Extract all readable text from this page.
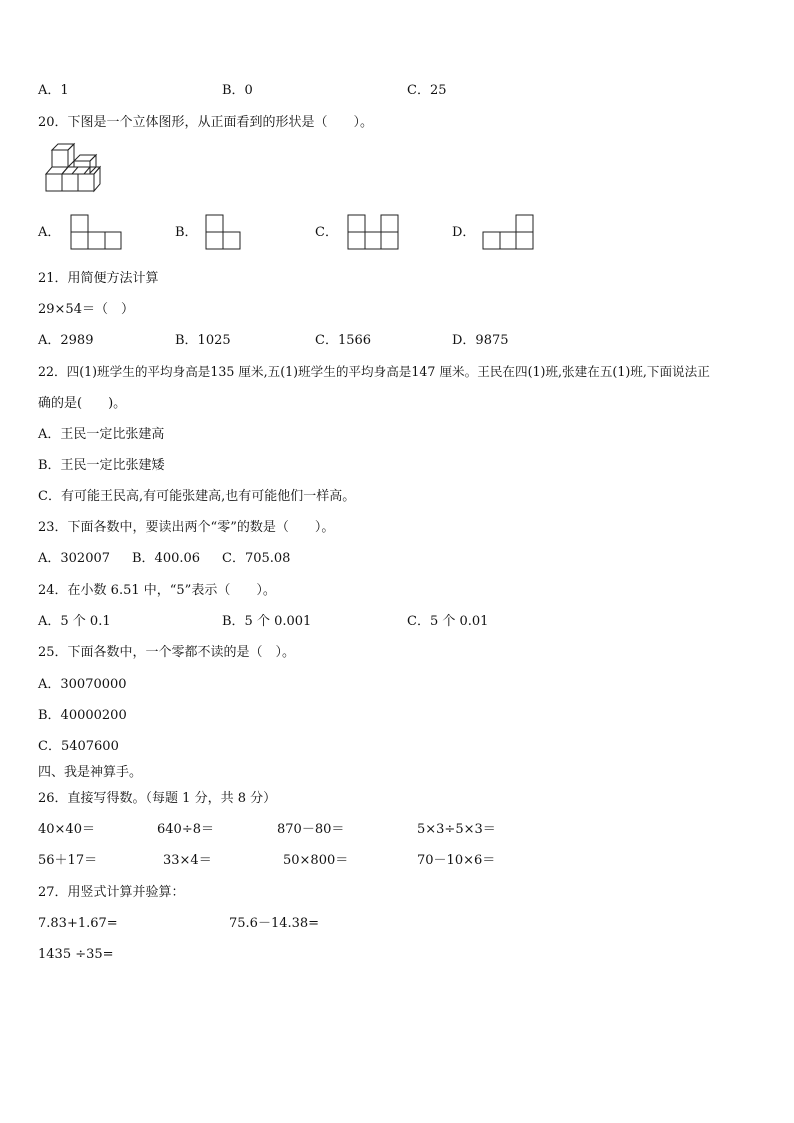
A．1	B．0	C．25
20．下图是一个立体图形，从正面看到的形状是（　　）。
A．	B．	C．	D．
21．用简便方法计算
29×54＝（　）
A．2989	B．1025	C．1566	D．9875
22．四(1)班学生的平均身高是135 厘米,五(1)班学生的平均身高是147 厘米。王民在四(1)班,张建在五(1)班,下面说法正
确的是(　　)。
A．王民一定比张建高
B．王民一定比张建矮
C．有可能王民高,有可能张建高,也有可能他们一样高。
23．下面各数中，要读出两个“零”的数是（　　）。
A．302007 B．400.06 C．705.08
24．在小数 6.51 中，“5”表示（　　）。
A．5 个 0.1	B．5 个 0.001	C．5 个 0.01
25．下面各数中，一个零都不读的是（　）。
A．30070000
B．40000200
C．5407600
四、我是神算手。
26．直接写得数。（每题 1 分，共 8 分）
40×40＝	640÷8＝	870－80＝	5×3÷5×3＝
56＋17＝	33×4＝	50×800＝	70－10×6＝
27．用竖式计算并验算：
7.83+1.67=	75.6－14.38=
1435 ÷35=
